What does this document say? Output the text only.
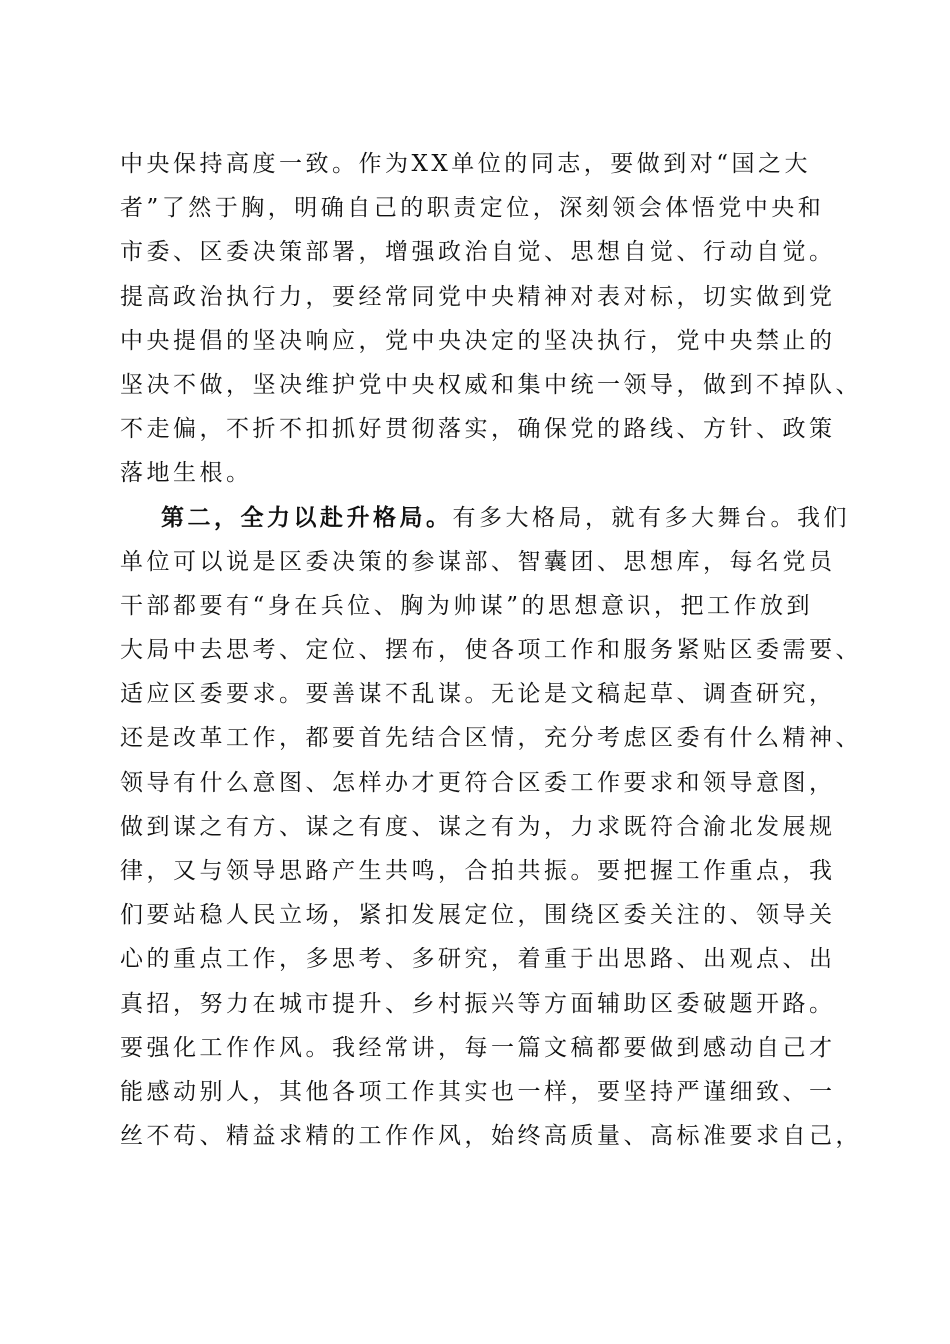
中央保持高度一致。作为XX单位的同志，要做到对“国之大
者”了然于胸，明确自己的职责定位，深刻领会体悟党中央和
市委、区委决策部署，增强政治自觉、思想自觉、行动自觉。
提高政治执行力，要经常同党中央精神对表对标，切实做到党
中央提倡的坚决响应，党中央决定的坚决执行，党中央禁止的
坚决不做，坚决维护党中央权威和集中统一领导，做到不掉队、
不走偏，不折不扣抓好贯彻落实，确保党的路线、方针、政策
落地生根。
第二，全力以赴升格局。有多大格局，就有多大舞台。我们
单位可以说是区委决策的参谋部、智囊团、思想库，每名党员
干部都要有“身在兵位、胸为帅谋”的思想意识，把工作放到
大局中去思考、定位、摆布，使各项工作和服务紧贴区委需要、
适应区委要求。要善谋不乱谋。无论是文稿起草、调查研究，
还是改革工作，都要首先结合区情，充分考虑区委有什么精神、
领导有什么意图、怎样办才更符合区委工作要求和领导意图，
做到谋之有方、谋之有度、谋之有为，力求既符合渝北发展规
律，又与领导思路产生共鸣，合拍共振。要把握工作重点，我
们要站稳人民立场，紧扣发展定位，围绕区委关注的、领导关
心的重点工作，多思考、多研究，着重于出思路、出观点、出
真招，努力在城市提升、乡村振兴等方面辅助区委破题开路。
要强化工作作风。我经常讲，每一篇文稿都要做到感动自己才
能感动别人，其他各项工作其实也一样，要坚持严谨细致、一
丝不苟、精益求精的工作作风，始终高质量、高标准要求自己，
